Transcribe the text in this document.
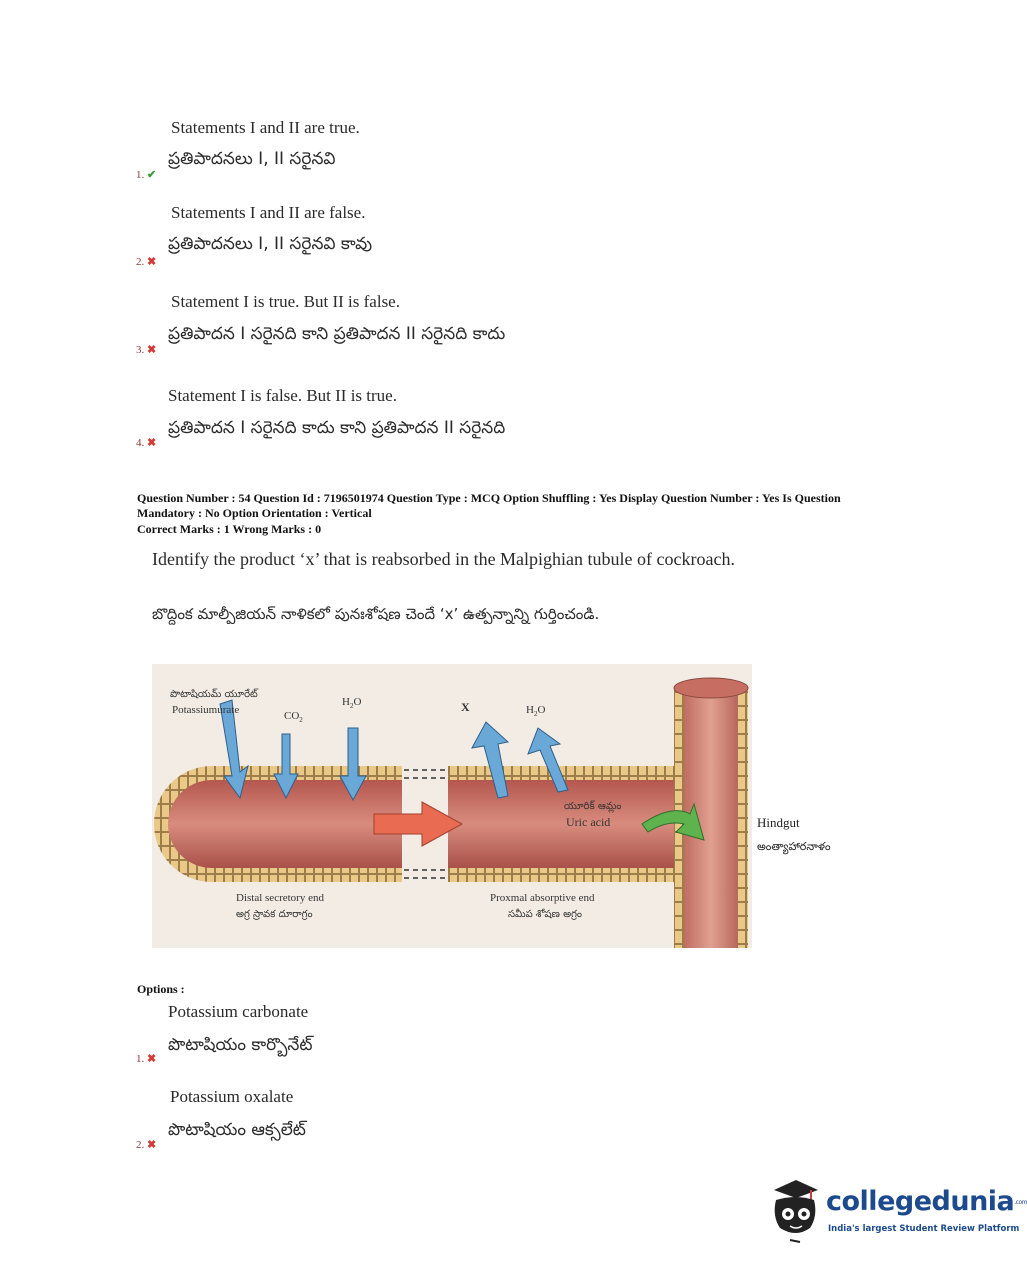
Statements I and II are true.
ప్రతిపాదనలు I, II సరైనవి
1. ✔
Statements I and II are false.
ప్రతిపాదనలు I, II సరైనవి కావు
2. ✖
Statement I is true. But II is false.
ప్రతిపాదన I సరైనది కాని ప్రతిపాదన II సరైనది కాదు
3. ✖
Statement I is false. But II is true.
ప్రతిపాదన I సరైనది కాదు కాని ప్రతిపాదన II సరైనది
4. ✖
Question Number : 54 Question Id : 7196501974 Question Type : MCQ Option Shuffling : Yes Display Question Number : Yes Is Question
Mandatory : No Option Orientation : Vertical
Correct Marks : 1 Wrong Marks : 0
Identify the product ‘x’ that is reabsorbed in the Malpighian tubule of cockroach.
బొద్దింక మాల్పీజియన్ నాళికలో పునఃశోషణ చెందే ‘x’ ఉత్పన్నాన్ని గుర్తించండి.
పొటాషియమ్ యూరేట్
Potassiumurate	$CO_2$
$H_2O$	X	$H_2O$
యూరిక్ ఆమ్లం
Uric acid
Distal secretory end
అగ్ర స్రావక దూరాగ్రం
Proxmal absorptive end
సమీప శోషణ అగ్రం
Hindgut
అంత్యాహారనాళం
Options :
Potassium carbonate
పొటాషియం కార్బొనేట్
1. ✖
Potassium oxalate
పొటాషియం ఆక్సలేట్
2. ✖
collegedunia.com
India's largest Student Review Platform
